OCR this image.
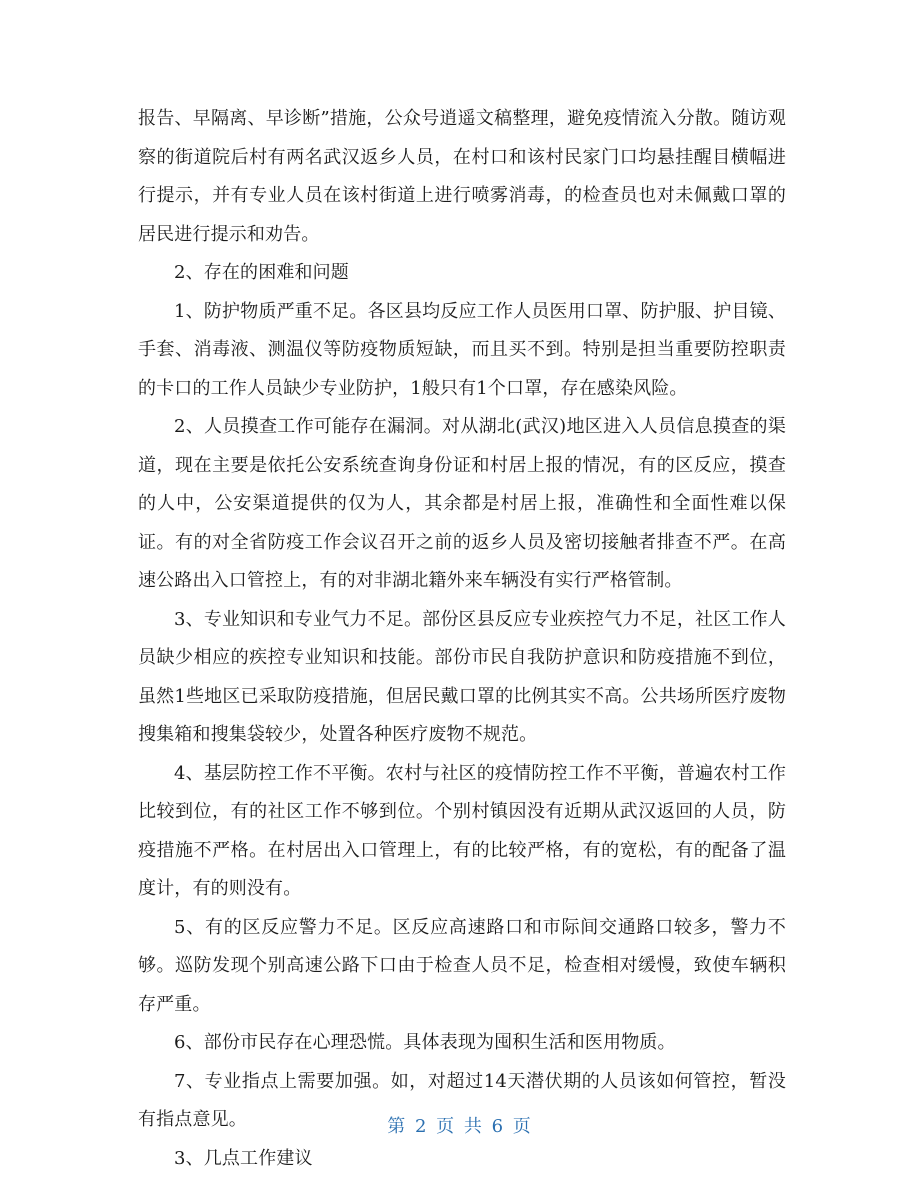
报告、早隔离、早诊断”措施，公众号逍遥文稿整理，避免疫情流入分散。随访观察的街道院后村有两名武汉返乡人员，在村口和该村民家门口均悬挂醒目横幅进行提示，并有专业人员在该村街道上进行喷雾消毒，的检查员也对未佩戴口罩的居民进行提示和劝告。

2、存在的困难和问题

1、防护物质严重不足。各区县均反应工作人员医用口罩、防护服、护目镜、手套、消毒液、测温仪等防疫物质短缺，而且买不到。特别是担当重要防控职责的卡口的工作人员缺少专业防护，1般只有1个口罩，存在感染风险。

2、人员摸查工作可能存在漏洞。对从湖北(武汉)地区进入人员信息摸查的渠道，现在主要是依托公安系统查询身份证和村居上报的情况，有的区反应，摸查的人中，公安渠道提供的仅为人，其余都是村居上报，准确性和全面性难以保证。有的对全省防疫工作会议召开之前的返乡人员及密切接触者排查不严。在高速公路出入口管控上，有的对非湖北籍外来车辆没有实行严格管制。

3、专业知识和专业气力不足。部份区县反应专业疾控气力不足，社区工作人员缺少相应的疾控专业知识和技能。部份市民自我防护意识和防疫措施不到位，虽然1些地区已采取防疫措施，但居民戴口罩的比例其实不高。公共场所医疗废物搜集箱和搜集袋较少，处置各种医疗废物不规范。

4、基层防控工作不平衡。农村与社区的疫情防控工作不平衡，普遍农村工作比较到位，有的社区工作不够到位。个别村镇因没有近期从武汉返回的人员，防疫措施不严格。在村居出入口管理上，有的比较严格，有的宽松，有的配备了温度计，有的则没有。

5、有的区反应警力不足。区反应高速路口和市际间交通路口较多，警力不够。巡防发现个别高速公路下口由于检查人员不足，检查相对缓慢，致使车辆积存严重。

6、部份市民存在心理恐慌。具体表现为囤积生活和医用物质。

7、专业指点上需要加强。如，对超过14天潜伏期的人员该如何管控，暂没有指点意见。

3、几点工作建议

第 2 页 共 6 页
